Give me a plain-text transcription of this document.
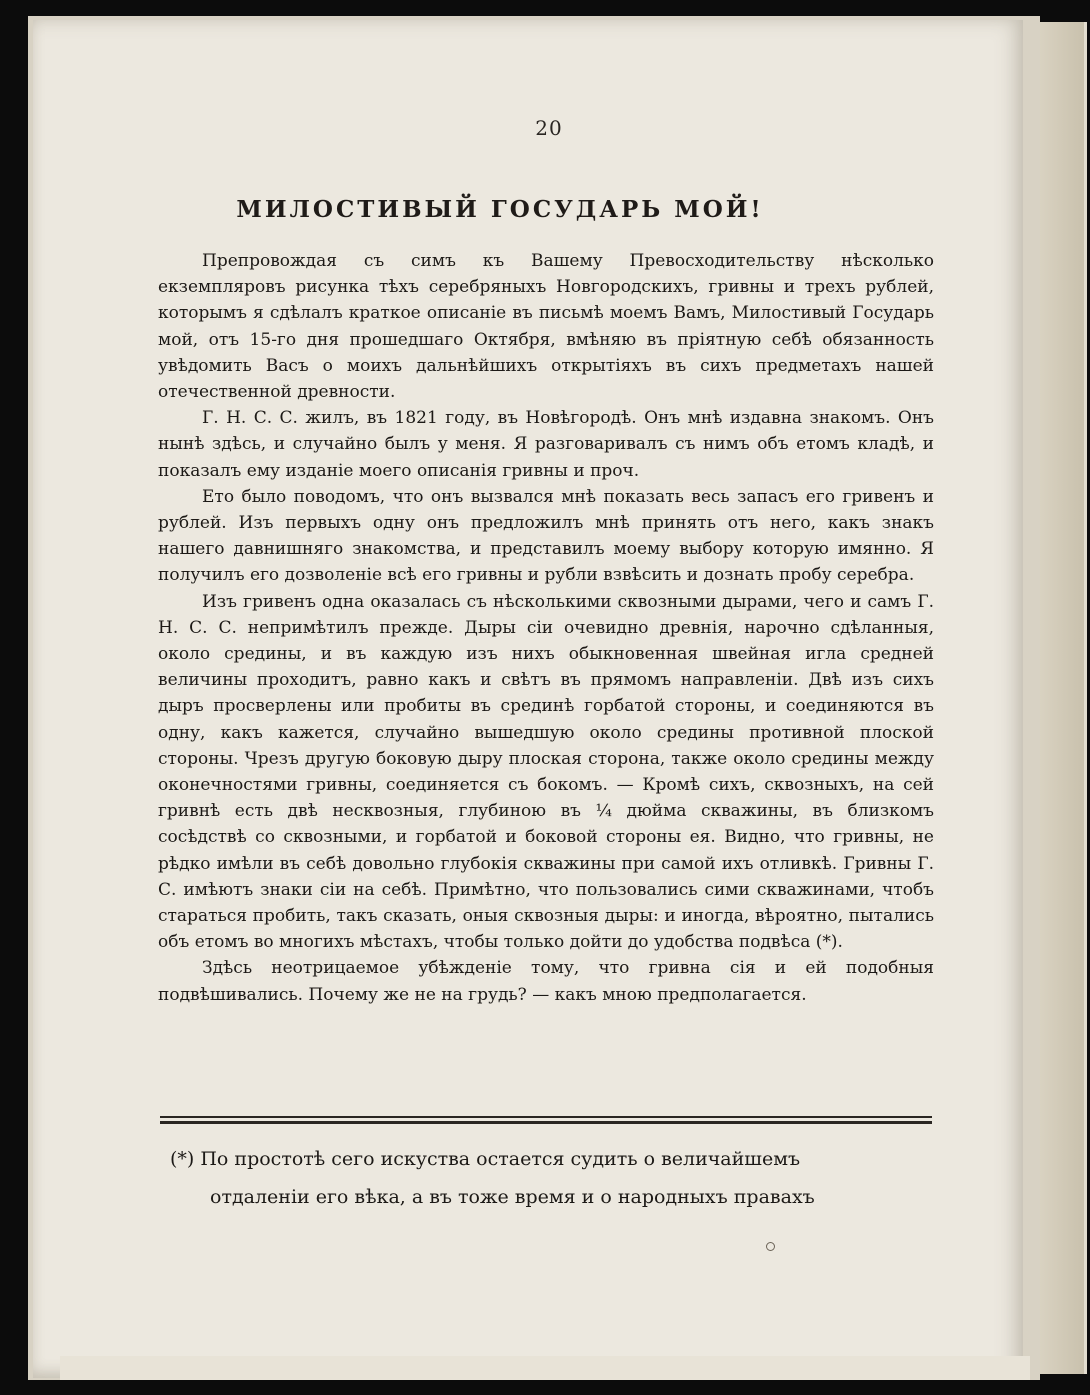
20
МИЛОСТИВЫЙ ГОСУДАРЬ МОЙ!

Препровождая съ симъ къ Вашему Превосходительству нѣсколько екземпляровъ рисунка тѣхъ серебряныхъ Новгородскихъ, гривны и трехъ рублей, которымъ я сдѣлалъ краткое описаніе въ письмѣ моемъ Вамъ, Милостивый Государь мой, отъ 15-го дня прошедшаго Октября, вмѣняю въ пріятную себѣ обязанность увѣдомить Васъ о моихъ дальнѣйшихъ открытіяхъ въ сихъ предметахъ нашей отечественной древности.

Г. Н. С. С. жилъ, въ 1821 году, въ Новѣгородѣ. Онъ мнѣ издавна знакомъ. Онъ нынѣ здѣсь, и случайно былъ у меня. Я разговаривалъ съ нимъ объ етомъ кладѣ, и показалъ ему изданіе моего описанія гривны и проч.

Ето было поводомъ, что онъ вызвался мнѣ показать весь запасъ его гривенъ и рублей. Изъ первыхъ одну онъ предложилъ мнѣ принять отъ него, какъ знакъ нашего давнишняго знакомства, и представилъ моему выбору которую имянно. Я получилъ его дозволеніе всѣ его гривны и рубли взвѣсить и дознать пробу серебра.

Изъ гривенъ одна оказалась съ нѣсколькими сквозными дырами, чего и самъ Г. Н. С. С. непримѣтилъ прежде. Дыры сіи очевидно древнія, нарочно сдѣланныя, около средины, и въ каждую изъ нихъ обыкновенная швейная игла средней величины проходитъ, равно какъ и свѣтъ въ прямомъ направленіи. Двѣ изъ сихъ дыръ просверлены или пробиты въ срединѣ горбатой стороны, и соединяются въ одну, какъ кажется, случайно вышедшую около средины противной плоской стороны. Чрезъ другую боковую дыру плоская сторона, также около средины между оконечностями гривны, соединяется съ бокомъ. — Кромѣ сихъ, сквозныхъ, на сей гривнѣ есть двѣ несквозныя, глубиною въ ¼ дюйма скважины, въ близкомъ сосѣдствѣ со сквозными, и горбатой и боковой стороны ея. Видно, что гривны, не рѣдко имѣли въ себѣ довольно глубокія скважины при самой ихъ отливкѣ. Гривны Г. С. имѣютъ знаки сіи на себѣ. Примѣтно, что пользовались сими скважинами, чтобъ стараться пробить, такъ сказать, оныя сквозныя дыры: и иногда, вѣроятно, пытались объ етомъ во многихъ мѣстахъ, чтобы только дойти до удобства подвѣса (*).

Здѣсь неотрицаемое убѣжденіе тому, что гривна сія и ей подобныя подвѣшивались. Почему же не на грудь? — какъ мною предполагается.

(*) По простотѣ сего искуства остается судить о величайшемъ
отдаленіи его вѣка, а въ тоже время и о народныхъ правахъ
